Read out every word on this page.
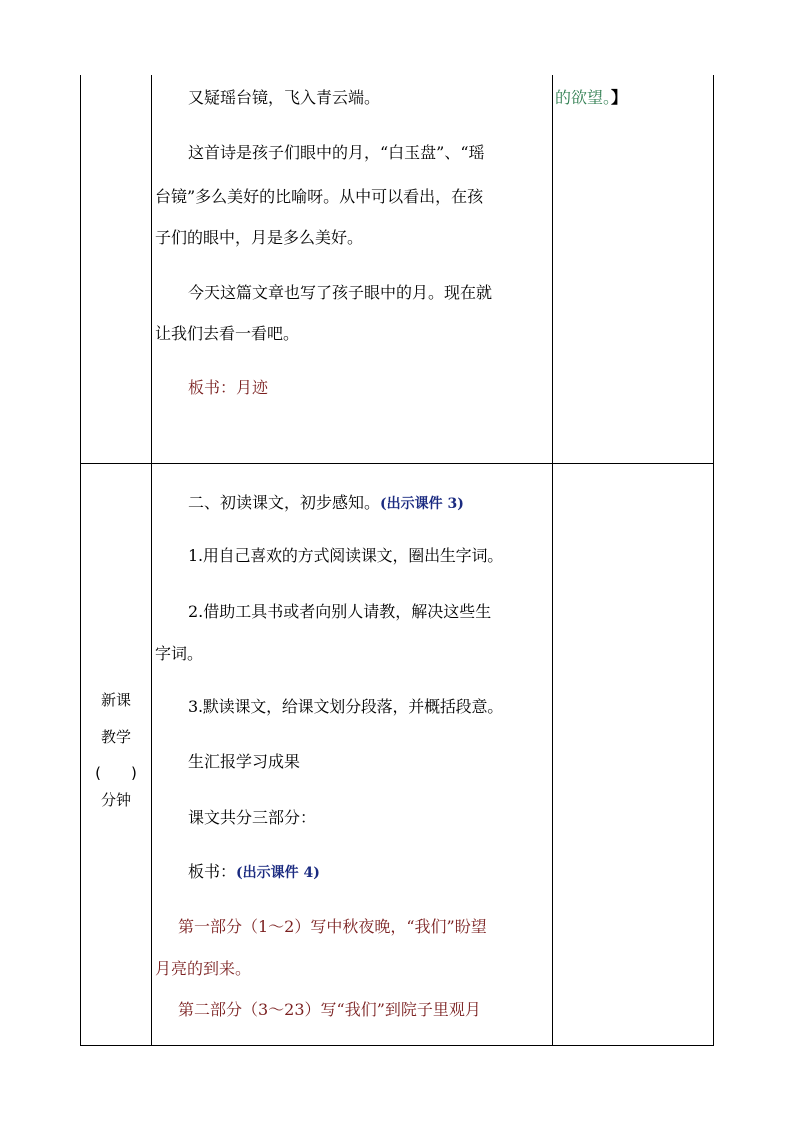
的欲望。】
又疑瑶台镜，飞入青云端。
这首诗是孩子们眼中的月，“白玉盘”、“瑶
台镜”多么美好的比喻呀。从中可以看出，在孩
子们的眼中，月是多么美好。
今天这篇文章也写了孩子眼中的月。现在就
让我们去看一看吧。
板书：月迹
新课
教学
(　　)
分钟
二、初读课文，初步感知。(出示课件 3)
1.用自己喜欢的方式阅读课文，圈出生字词。
2.借助工具书或者向别人请教，解决这些生
字词。
3.默读课文，给课文划分段落，并概括段意。
生汇报学习成果
课文共分三部分：
板书：(出示课件 4)
第一部分（1～2）写中秋夜晚，“我们”盼望
月亮的到来。
第二部分（3～23）写“我们”到院子里观月
